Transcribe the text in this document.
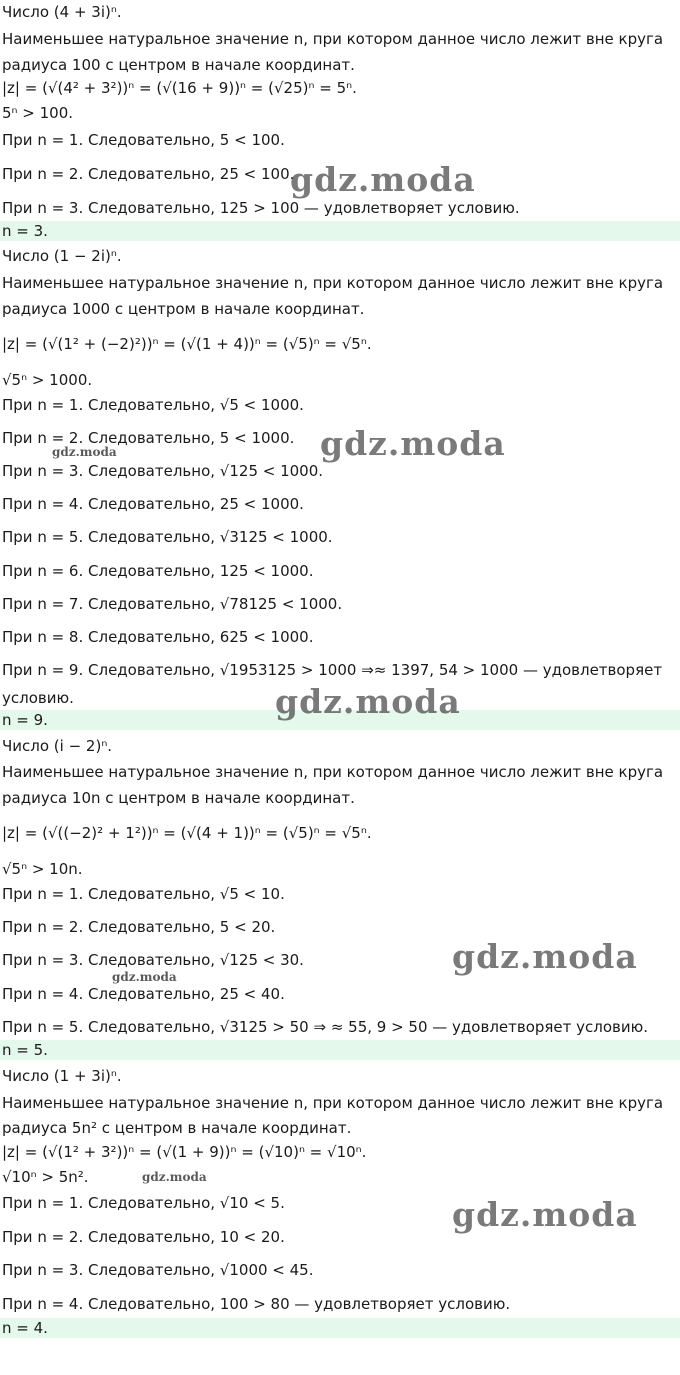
Число (4 + 3i)ⁿ.
Наименьшее натуральное значение n, при котором данное число лежит вне круга
радиуса 100 с центром в начале координат.
|z| = (√(4² + 3²))ⁿ = (√(16 + 9))ⁿ = (√25)ⁿ = 5ⁿ.
5ⁿ > 100.
При n = 1. Следовательно, 5 < 100.
При n = 2. Следовательно, 25 < 100.
При n = 3. Следовательно, 125 > 100 — удовлетворяет условию.
n = 3.
Число (1 − 2i)ⁿ.
Наименьшее натуральное значение n, при котором данное число лежит вне круга
радиуса 1000 с центром в начале координат.
|z| = (√(1² + (−2)²))ⁿ = (√(1 + 4))ⁿ = (√5)ⁿ = √5ⁿ.
√5ⁿ > 1000.
При n = 1. Следовательно, √5 < 1000.
При n = 2. Следовательно, 5 < 1000.
При n = 3. Следовательно, √125 < 1000.
При n = 4. Следовательно, 25 < 1000.
При n = 5. Следовательно, √3125 < 1000.
При n = 6. Следовательно, 125 < 1000.
При n = 7. Следовательно, √78125 < 1000.
При n = 8. Следовательно, 625 < 1000.
При n = 9. Следовательно, √1953125 > 1000 ⇒≈ 1397, 54 > 1000 — удовлетворяет
условию.
n = 9.
Число (i − 2)ⁿ.
Наименьшее натуральное значение n, при котором данное число лежит вне круга
радиуса 10n с центром в начале координат.
|z| = (√((−2)² + 1²))ⁿ = (√(4 + 1))ⁿ = (√5)ⁿ = √5ⁿ.
√5ⁿ > 10n.
При n = 1. Следовательно, √5 < 10.
При n = 2. Следовательно, 5 < 20.
При n = 3. Следовательно, √125 < 30.
При n = 4. Следовательно, 25 < 40.
При n = 5. Следовательно, √3125 > 50 ⇒ ≈ 55, 9 > 50 — удовлетворяет условию.
n = 5.
Число (1 + 3i)ⁿ.
Наименьшее натуральное значение n, при котором данное число лежит вне круга
радиуса 5n² с центром в начале координат.
|z| = (√(1² + 3²))ⁿ = (√(1 + 9))ⁿ = (√10)ⁿ = √10ⁿ.
√10ⁿ > 5n².
При n = 1. Следовательно, √10 < 5.
При n = 2. Следовательно, 10 < 20.
При n = 3. Следовательно, √1000 < 45.
При n = 4. Следовательно, 100 > 80 — удовлетворяет условию.
n = 4.
gdz.moda
gdz.moda
gdz.moda
gdz.moda
gdz.moda
gdz.moda
gdz.moda
gdz.moda
